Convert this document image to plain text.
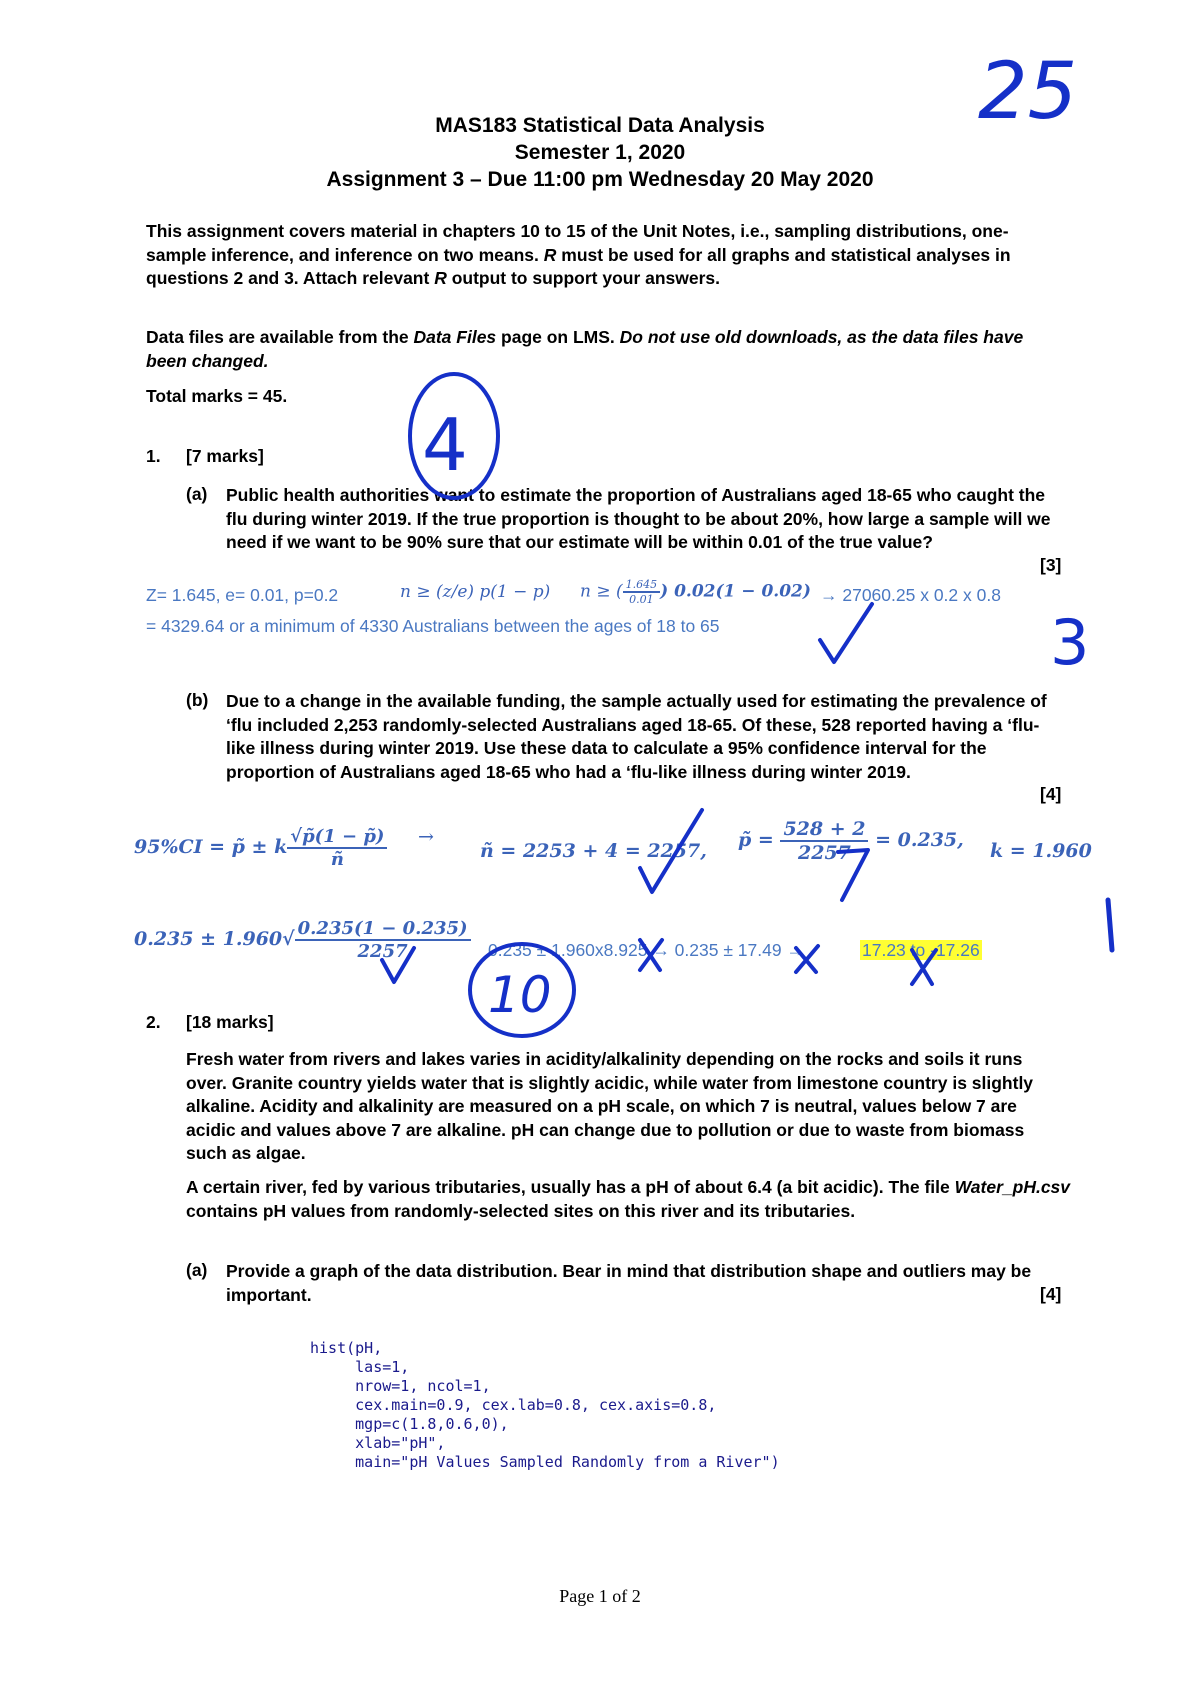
MAS183 Statistical Data Analysis
Semester 1, 2020
Assignment 3 – Due 11:00 pm Wednesday 20 May 2020
This assignment covers material in chapters 10 to 15 of the Unit Notes, i.e., sampling distributions, one-sample inference, and inference on two means. R must be used for all graphs and statistical analyses in questions 2 and 3. Attach relevant R output to support your answers.
Data files are available from the Data Files page on LMS. Do not use old downloads, as the data files have been changed.
Total marks = 45.
1. [7 marks]
(a) Public health authorities want to estimate the proportion of Australians aged 18-65 who caught the flu during winter 2019. If the true proportion is thought to be about 20%, how large a sample will we need if we want to be 90% sure that our estimate will be within 0.01 of the true value?
[3]
Z= 1.645, e= 0.01, p=0.2	n ≥ (z/e) p(1 − p) n ≥ ( $\frac{1.645}{0.01}$ ) 0.02(1 − 0.02) → 27060.25 x 0.2 x 0.8
= 4329.64 or a minimum of 4330 Australians between the ages of 18 to 65
(b) Due to a change in the available funding, the sample actually used for estimating the prevalence of ‘flu included 2,253 randomly-selected Australians aged 18-65. Of these, 528 reported having a ‘flu-like illness during winter 2019. Use these data to calculate a 95% confidence interval for the proportion of Australians aged 18-65 who had a ‘flu-like illness during winter 2019.
[4]
95%CI = p̃ ± k $\frac{√p̃(1 - p̃)}{ñ}$ →
ñ = 2253 + 4 = 2257, p̃ = $\frac{528 + 2}{2257} = 0.235$, k = 1.960
$0.235 \pm 1.960√ \frac{0.235(1 - 0.235)}{2257} 0.235 \pm 1.960x8.925 \to 0.235 \pm 17.49$ →	17.23 to -17.26
2. [18 marks]
Fresh water from rivers and lakes varies in acidity/alkalinity depending on the rocks and soils it runs over. Granite country yields water that is slightly acidic, while water from limestone country is slightly alkaline. Acidity and alkalinity are measured on a pH scale, on which 7 is neutral, values below 7 are acidic and values above 7 are alkaline. pH can change due to pollution or due to waste from biomass such as algae.
A certain river, fed by various tributaries, usually has a pH of about 6.4 (a bit acidic). The file Water_pH.csv contains pH values from randomly-selected sites on this river and its tributaries.
(a) Provide a graph of the data distribution. Bear in mind that distribution shape and outliers may be important.	[4]

hist(pH,
las=1,
nrow=1, ncol=1,
cex.main=0.9, cex.lab=0.8, cex.axis=0.8,
mgp=c(1.8,0.6,0),
xlab="pH",
main="pH Values Sampled Randomly from a River")
Page 1 of 2
25
4
3
10
